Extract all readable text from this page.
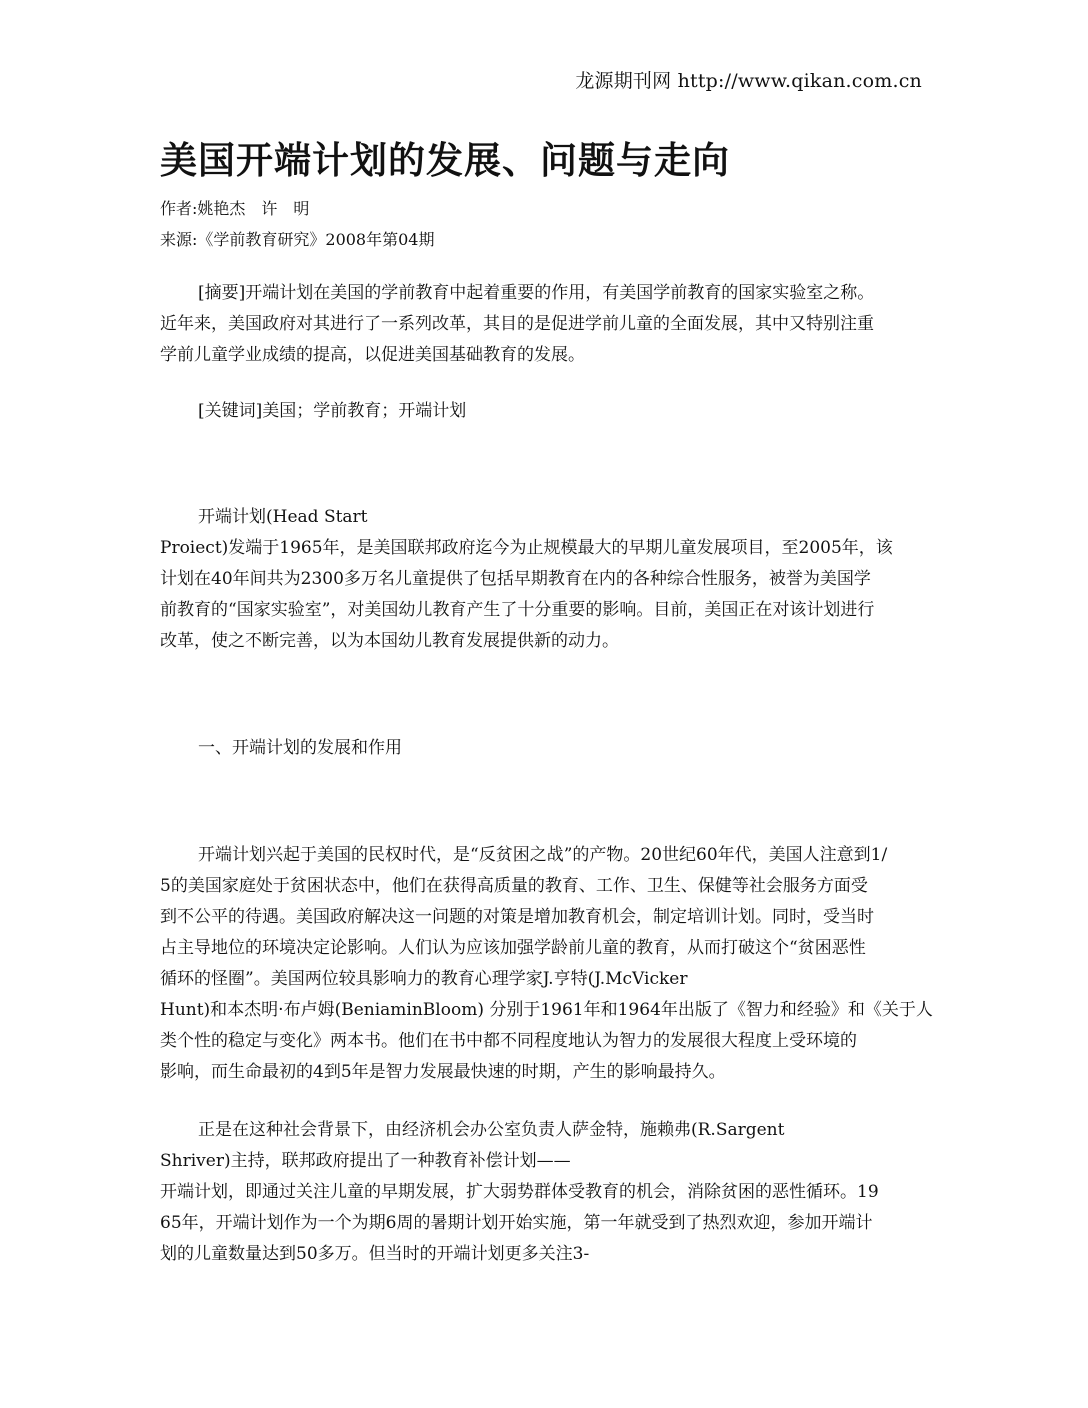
龙源期刊网 http://www.qikan.com.cn
美国开端计划的发展、问题与走向
作者:姚艳杰　许　明
来源:《学前教育研究》2008年第04期
[摘要]开端计划在美国的学前教育中起着重要的作用，有美国学前教育的国家实验室之称。
近年来，美国政府对其进行了一系列改革，其目的是促进学前儿童的全面发展，其中又特别注重
学前儿童学业成绩的提高，以促进美国基础教育的发展。
[关键词]美国；学前教育；开端计划
开端计划(Head Start
Proiect)发端于1965年，是美国联邦政府迄今为止规模最大的早期儿童发展项目，至2005年，该
计划在40年间共为2300多万名儿童提供了包括早期教育在内的各种综合性服务，被誉为美国学
前教育的“国家实验室”，对美国幼儿教育产生了十分重要的影响。目前，美国正在对该计划进行
改革，使之不断完善，以为本国幼儿教育发展提供新的动力。
一、开端计划的发展和作用
开端计划兴起于美国的民权时代，是“反贫困之战”的产物。20世纪60年代，美国人注意到1/
5的美国家庭处于贫困状态中，他们在获得高质量的教育、工作、卫生、保健等社会服务方面受
到不公平的待遇。美国政府解决这一问题的对策是增加教育机会，制定培训计划。同时，受当时
占主导地位的环境决定论影响。人们认为应该加强学龄前儿童的教育，从而打破这个“贫困恶性
循环的怪圈”。美国两位较具影响力的教育心理学家J.亨特(J.McVicker
Hunt)和本杰明·布卢姆(BeniaminBloom) 分别于1961年和1964年出版了《智力和经验》和《关于人
类个性的稳定与变化》两本书。他们在书中都不同程度地认为智力的发展很大程度上受环境的
影响，而生命最初的4到5年是智力发展最快速的时期，产生的影响最持久。
正是在这种社会背景下，由经济机会办公室负责人萨金特，施赖弗(R.Sargent
Shriver)主持，联邦政府提出了一种教育补偿计划——
开端计划，即通过关注儿童的早期发展，扩大弱势群体受教育的机会，消除贫困的恶性循环。19
65年，开端计划作为一个为期6周的暑期计划开始实施，第一年就受到了热烈欢迎，参加开端计
划的儿童数量达到50多万。但当时的开端计划更多关注3-
